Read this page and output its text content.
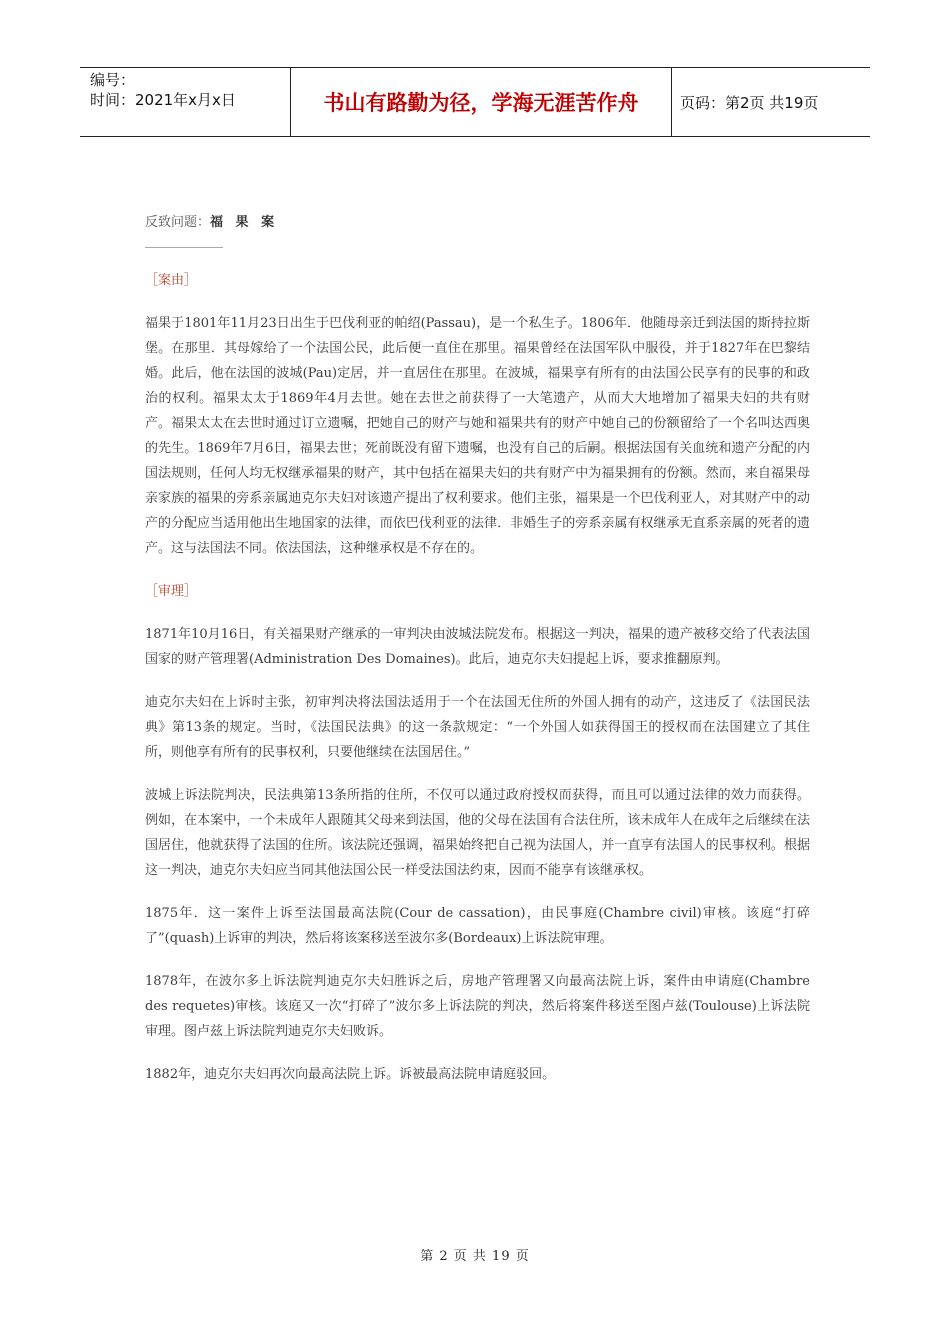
编号：
时间：2021年x月x日	书山有路勤为径，学海无涯苦作舟	页码：第2页 共19页
反致问题：福 果 案
［案由］

福果于1801年11月23日出生于巴伐利亚的帕绍(Passau)，是一个私生子。1806年．他随母亲迁到法国的斯持拉斯堡。在那里．其母嫁给了一个法国公民，此后便一直住在那里。福果曾经在法国军队中服役，并于1827年在巴黎结婚。此后，他在法国的波城(Pau)定居，并一直居住在那里。在波城，福果享有所有的由法国公民享有的民事的和政治的权利。福果太太于1869年4月去世。她在去世之前获得了一大笔遗产，从而大大地增加了福果夫妇的共有财产。福果太太在去世时通过订立遗嘱，把她自己的财产与她和福果共有的财产中她自己的份额留给了一个名叫达西奥的先生。1869年7月6日，福果去世；死前既没有留下遗嘱，也没有自己的后嗣。根据法国有关血统和遗产分配的内国法规则，任何人均无权继承福果的财产，其中包括在福果夫妇的共有财产中为福果拥有的份额。然而，来自福果母亲家族的福果的旁系亲属迪克尔夫妇对该遗产提出了权利要求。他们主张，福果是一个巴伐利亚人，对其财产中的动产的分配应当适用他出生地国家的法律，而依巴伐利亚的法律．非婚生子的旁系亲属有权继承无直系亲属的死者的遗产。这与法国法不同。依法国法，这种继承权是不存在的。

［审理］

1871年10月16日，有关福果财产继承的一审判决由波城法院发布。根据这一判决，福果的遗产被移交给了代表法国国家的财产管理署(Administration Des Domaines)。此后，迪克尔夫妇提起上诉，要求推翻原判。

迪克尔夫妇在上诉时主张，初审判决将法国法适用于一个在法国无住所的外国人拥有的动产，这违反了《法国民法典》第13条的规定。当时，《法国民法典》的这一条款规定：“一个外国人如获得国王的授权而在法国建立了其住所，则他享有所有的民事权利，只要他继续在法国居住。”

波城上诉法院判决，民法典第13条所指的住所，不仅可以通过政府授权而获得，而且可以通过法律的效力而获得。例如，在本案中，一个未成年人跟随其父母来到法国，他的父母在法国有合法住所，该未成年人在成年之后继续在法国居住，他就获得了法国的住所。该法院还强调，福果始终把自己视为法国人，并一直享有法国人的民事权利。根据这一判决，迪克尔夫妇应当同其他法国公民一样受法国法约束，因而不能享有该继承权。

1875年．这一案件上诉至法国最高法院(Cour de cassation)，由民事庭(Chambre civil)审核。该庭“打碎了”(quash)上诉审的判决，然后将该案移送至波尔多(Bordeaux)上诉法院审理。

1878年，在波尔多上诉法院判迪克尔夫妇胜诉之后，房地产管理署又向最高法院上诉，案件由申请庭(Chambre des requetes)审核。该庭又一次“打碎了”波尔多上诉法院的判决，然后将案件移送至图卢兹(Toulouse)上诉法院审理。图卢兹上诉法院判迪克尔夫妇败诉。

1882年，迪克尔夫妇再次向最高法院上诉。诉被最高法院申请庭驳回。

第 2 页 共 19 页
